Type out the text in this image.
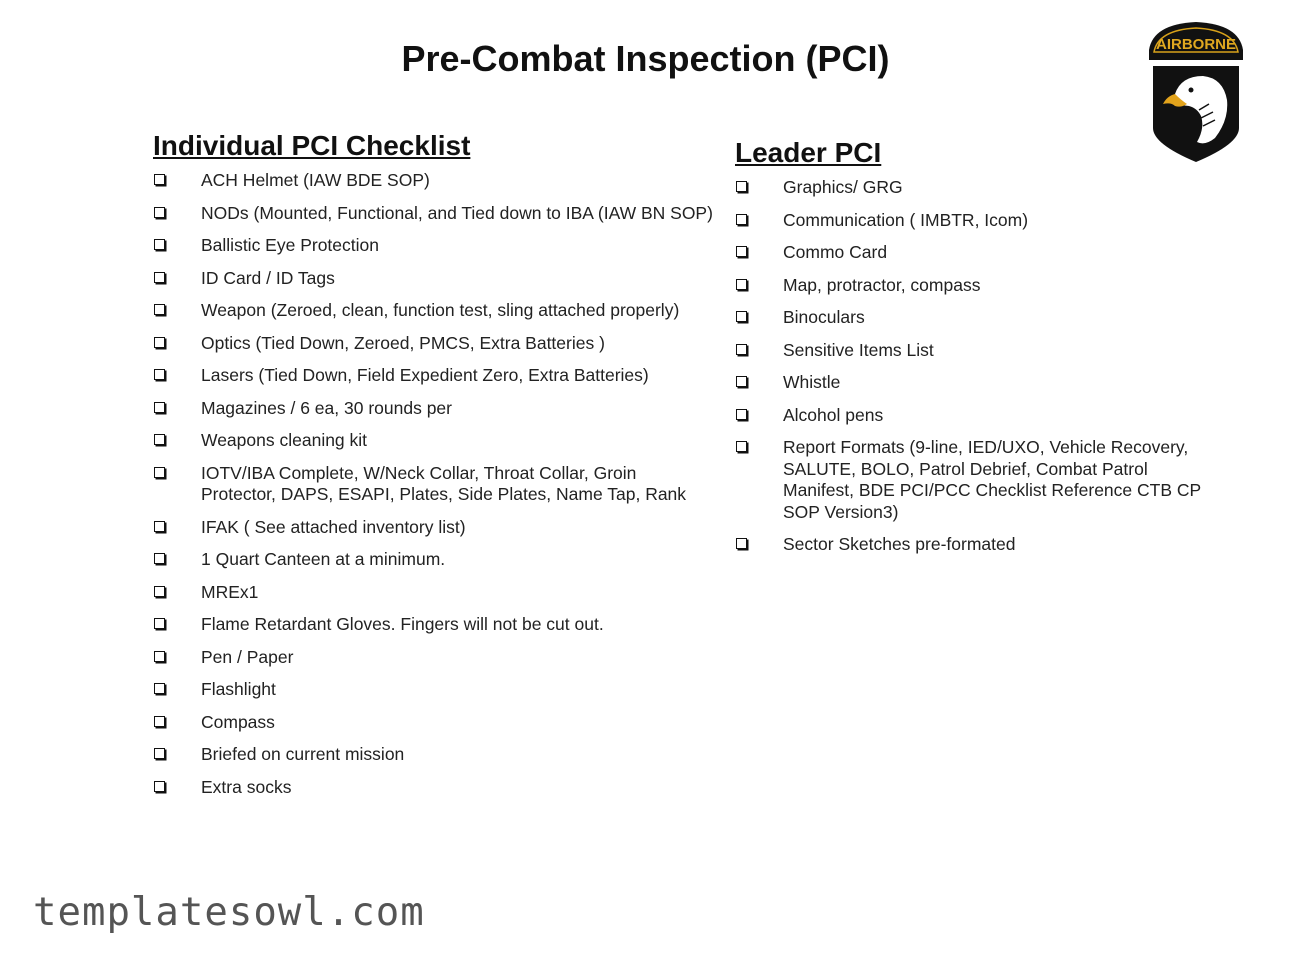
Pre-Combat Inspection (PCI)	AIRBORNE
Individual PCI Checklist
ACH Helmet (IAW BDE SOP)
NODs (Mounted, Functional, and Tied down to IBA (IAW BN SOP)
Ballistic Eye Protection
ID Card / ID Tags
Weapon (Zeroed, clean, function test, sling attached properly)
Optics (Tied Down, Zeroed, PMCS, Extra Batteries )
Lasers (Tied Down, Field Expedient Zero, Extra Batteries)
Magazines / 6 ea, 30 rounds per
Weapons cleaning kit
IOTV/IBA Complete, W/Neck Collar, Throat Collar, Groin Protector, DAPS, ESAPI, Plates, Side Plates, Name Tap, Rank
IFAK ( See attached inventory list)
1 Quart Canteen at a minimum.
MREx1
Flame Retardant Gloves. Fingers will not be cut out.
Pen / Paper
Flashlight
Compass
Briefed on current mission
Extra socks
Leader PCI
Graphics/ GRG
Communication ( IMBTR, Icom)
Commo Card
Map, protractor, compass
Binoculars
Sensitive Items List
Whistle
Alcohol pens
Report Formats (9-line, IED/UXO, Vehicle Recovery, SALUTE, BOLO, Patrol Debrief, Combat Patrol Manifest, BDE PCI/PCC Checklist Reference CTB CP SOP Version3)
Sector Sketches pre-formated
templatesowl.com
